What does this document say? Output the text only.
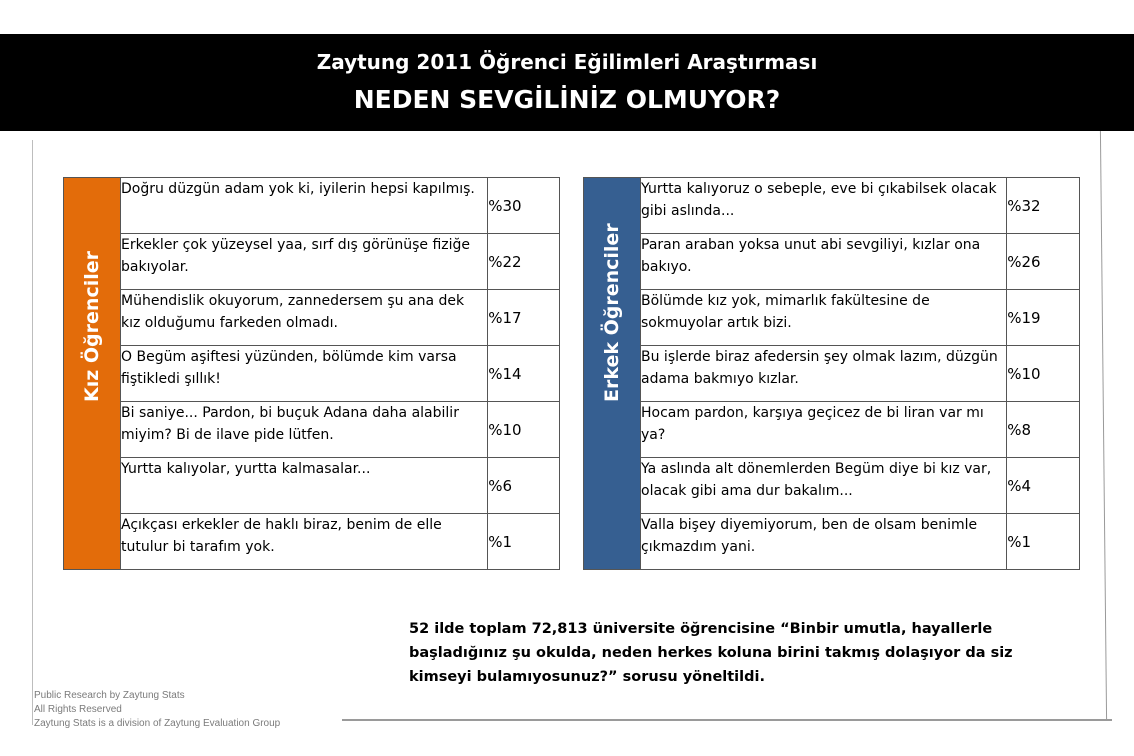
Zaytung 2011 Öğrenci Eğilimleri Araştırması
NEDEN SEVGİLİNİZ OLMUYOR?
Kız Öğrenciler	Doğru düzgün adam yok ki, iyilerin hepsi kapılmış.	%30
	Erkekler çok yüzeysel yaa, sırf dış görünüşe fiziğe bakıyolar.	%22
	Mühendislik okuyorum, zannedersem şu ana dek kız olduğumu farkeden olmadı.	%17
	O Begüm aşiftesi yüzünden, bölümde kim varsa fiştikledi şıllık!	%14
	Bi saniye... Pardon, bi buçuk Adana daha alabilir miyim? Bi de ilave pide lütfen.	%10
	Yurtta kalıyolar, yurtta kalmasalar...	%6
	Açıkçası erkekler de haklı biraz, benim de elle tutulur bi tarafım yok.	%1
Erkek Öğrenciler	Yurtta kalıyoruz o sebeple, eve bi çıkabilsek olacak gibi aslında...	%32
	Paran araban yoksa unut abi sevgiliyi, kızlar ona bakıyo.	%26
	Bölümde kız yok, mimarlık fakültesine de sokmuyolar artık bizi.	%19
	Bu işlerde biraz afedersin şey olmak lazım, düzgün adama bakmıyo kızlar.	%10
	Hocam pardon, karşıya geçicez de bi liran var mı ya?	%8
	Ya aslında alt dönemlerden Begüm diye bi kız var, olacak gibi ama dur bakalım...	%4
	Valla bişey diyemiyorum, ben de olsam benimle çıkmazdım yani.	%1
52 ilde toplam 72,813 üniversite öğrencisine “Binbir umutla, hayallerle başladığınız şu okulda, neden herkes koluna birini takmış dolaşıyor da siz kimseyi bulamıyosunuz?” sorusu yöneltildi.
Public Research by Zaytung Stats
All Rights Reserved
Zaytung Stats is a division of Zaytung Evaluation Group
